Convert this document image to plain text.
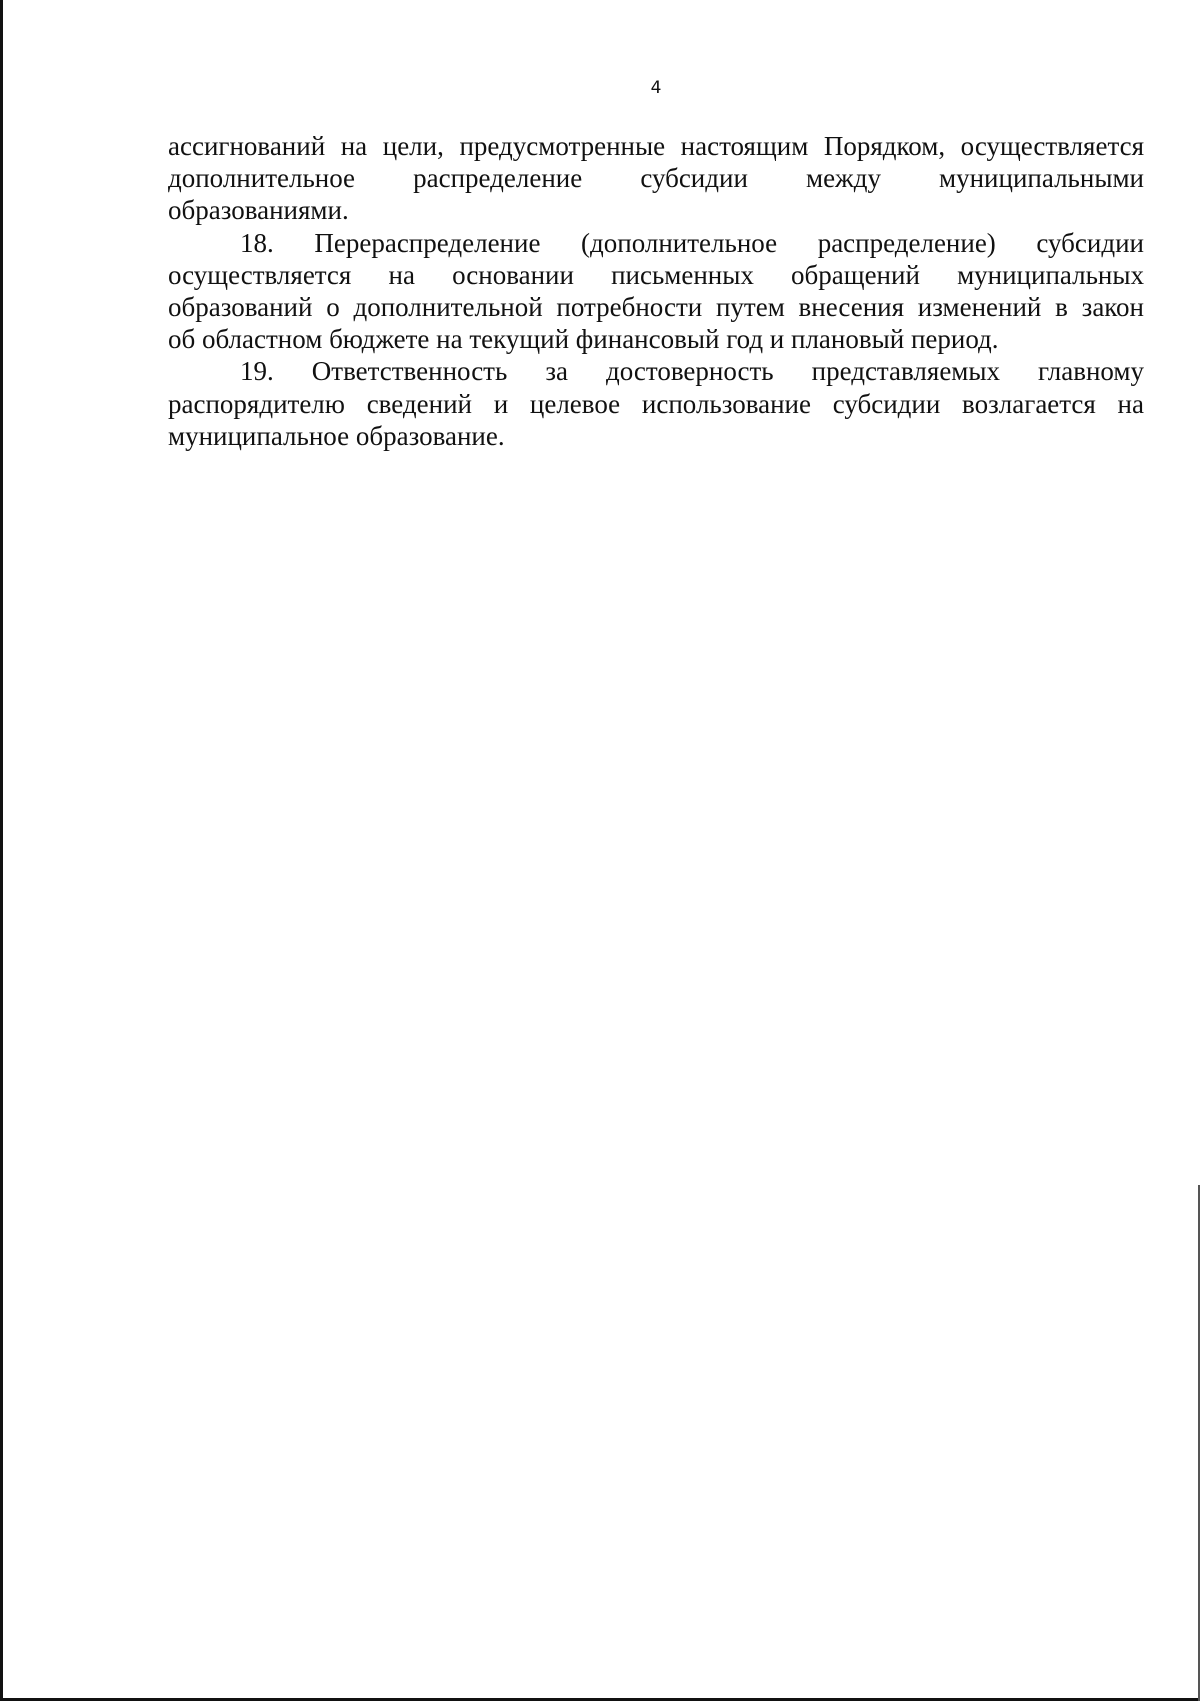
4
ассигнований на цели, предусмотренные настоящим Порядком, осуществляется
дополнительное распределение субсидии между муниципальными
образованиями.
18. Перераспределение (дополнительное распределение) субсидии
осуществляется на основании письменных обращений муниципальных
образований о дополнительной потребности путем внесения изменений в закон
об областном бюджете на текущий финансовый год и плановый период.
19. Ответственность за достоверность представляемых главному
распорядителю сведений и целевое использование субсидии возлагается на
муниципальное образование.
